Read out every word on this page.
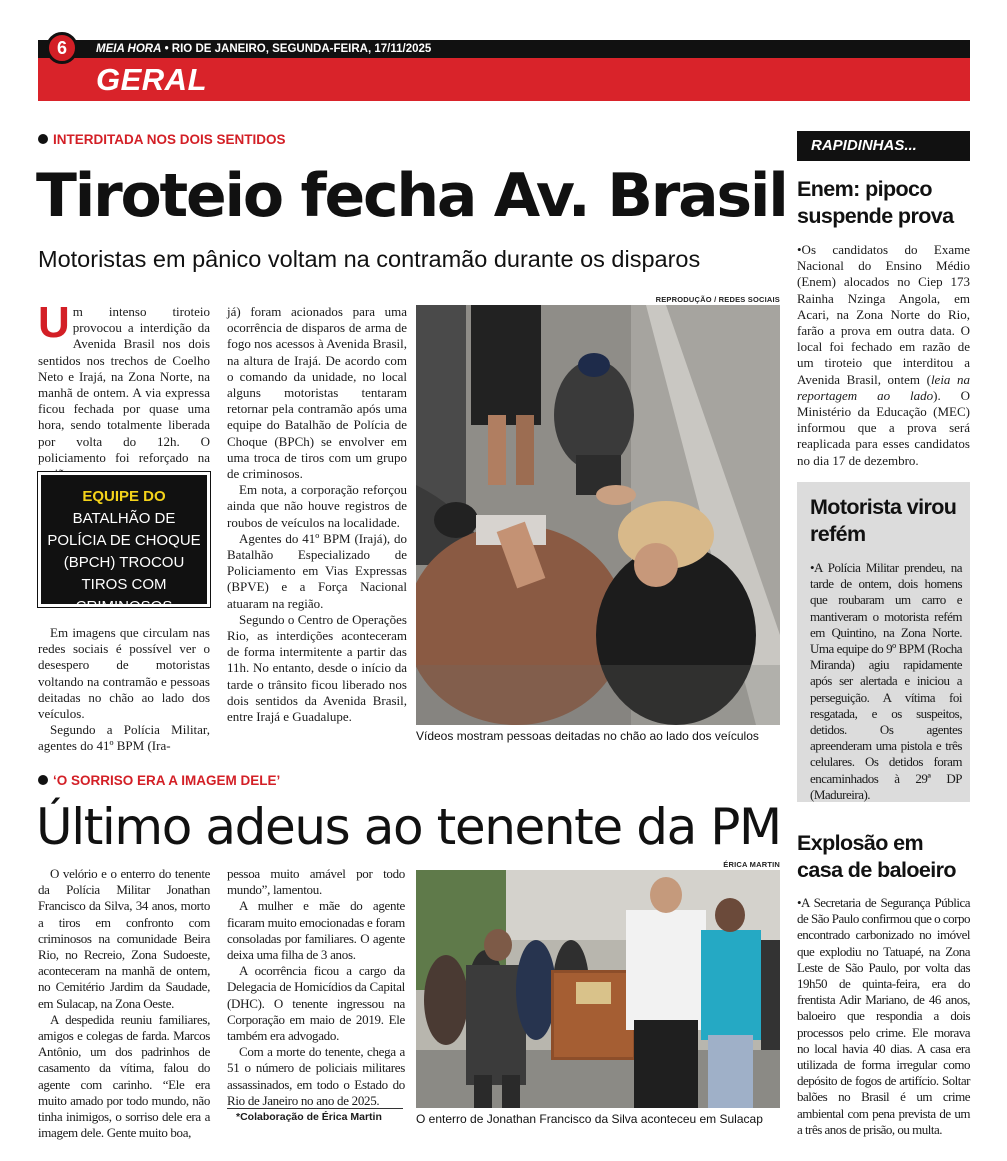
6	MEIA HORA • RIO DE JANEIRO, SEGUNDA-FEIRA, 17/11/2025
GERAL
INTERDITADA NOS DOIS SENTIDOS
Tiroteio fecha Av. Brasil
Motoristas em pânico voltam na contramão durante os disparos

Um intenso tiroteio provocou a interdição da Avenida Brasil nos dois sentidos nos trechos de Coelho Neto e Irajá, na Zona Norte, na manhã de ontem. A via expressa ficou fechada por quase uma hora, sendo totalmente liberada por volta do 12h. O policiamento foi reforçado na

EQUIPE DO
BATALHÃO DE POLÍCIA DE CHOQUE (BPCH) TROCOU TIROS COM CRIMINOSOS

Em imagens que circulam nas redes sociais é possível ver o desespero de motoristas voltando na contramão e pessoas deitadas no chão ao lado dos veículos.

Segundo a Polícia Militar, agentes do 41º BPM (Ira-

já) foram acionados para uma ocorrência de disparos de arma de fogo nos acessos à Avenida Brasil, na altura de Irajá. De acordo com o comando da unidade, no local alguns motoristas tentaram retornar pela contramão após uma equipe do Batalhão de Polícia de Choque (BPCh) se envolver em uma troca de tiros com um grupo de criminosos.

Em nota, a corporação reforçou ainda que não houve registros de roubos de veículos na localidade.

Agentes do 41º BPM (Irajá), do Batalhão Especializado de Policiamento em Vias Expressas (BPVE) e a Força Nacional atuaram na região.

Segundo o Centro de Operações Rio, as interdições aconteceram de forma intermitente a partir das 11h. No entanto, desde o início da tarde o trânsito ficou liberado nos dois sentidos da Avenida Brasil, entre Irajá e Guadalupe.

REPRODUÇÃO / REDES SOCIAIS
Vídeos mostram pessoas deitadas no chão ao lado dos veículos
‘O SORRISO ERA A IMAGEM DELE’
Último adeus ao tenente da PM

O velório e o enterro do tenente da Polícia Militar Jonathan Francisco da Silva, 34 anos, morto a tiros em confronto com criminosos na comunidade Beira Rio, no Recreio, Zona Sudoeste, aconteceram na manhã de ontem, no Cemitério Jardim da Saudade, em Sulacap, na Zona Oeste.

A despedida reuniu familiares, amigos e colegas de farda. Marcos Antônio, um dos padrinhos de casamento da vítima, falou do agente com carinho. “Ele era muito amado por todo mundo, não tinha inimigos, o sorriso dele era a imagem dele. Gente muito boa,

pessoa muito amável por todo mundo”, lamentou.

A mulher e mãe do agente ficaram muito emocionadas e foram consoladas por familiares. O agente deixa uma filha de 3 anos.

A ocorrência ficou a cargo da Delegacia de Homicídios da Capital (DHC). O tenente ingressou na Corporação em maio de 2019. Ele também era advogado.

Com a morte do tenente, chega a 51 o número de policiais militares assassinados, em todo o Estado do Rio de Janeiro no ano de 2025.

*Colaboração de Érica Martin
ÉRICA MARTIN
O enterro de Jonathan Francisco da Silva aconteceu em Sulacap
RAPIDINHAS...
Enem: pipoco suspende prova
•Os candidatos do Exame Nacional do Ensino Médio (Enem) alocados no Ciep 173 Rainha Nzinga Angola, em Acari, na Zona Norte do Rio, farão a prova em outra data. O local foi fechado em razão de um tiroteio que interditou a Avenida Brasil, ontem (leia na reportagem ao lado). O Ministério da Educação (MEC) informou que a prova será reaplicada para esses candidatos no dia 17 de dezembro.
Motorista virou refém
•A Polícia Militar prendeu, na tarde de ontem, dois homens que roubaram um carro e mantiveram o motorista refém em Quintino, na Zona Norte. Uma equipe do 9º BPM (Rocha Miranda) agiu rapidamente após ser alertada e iniciou a perseguição. A vítima foi resgatada, e os suspeitos, detidos. Os agentes apreenderam uma pistola e três celulares. Os detidos foram encaminhados à 29ª DP (Madureira).
Explosão em casa de baloeiro
•A Secretaria de Segurança Pública de São Paulo confirmou que o corpo encontrado carbonizado no imóvel que explodiu no Tatuapé, na Zona Leste de São Paulo, por volta das 19h50 de quinta-feira, era do frentista Adir Mariano, de 46 anos, baloeiro que respondia a dois processos pelo crime. Ele morava no local havia 40 dias. A casa era utilizada de forma irregular como depósito de fogos de artifício. Soltar balões no Brasil é um crime ambiental com pena prevista de um a três anos de prisão, ou multa.
